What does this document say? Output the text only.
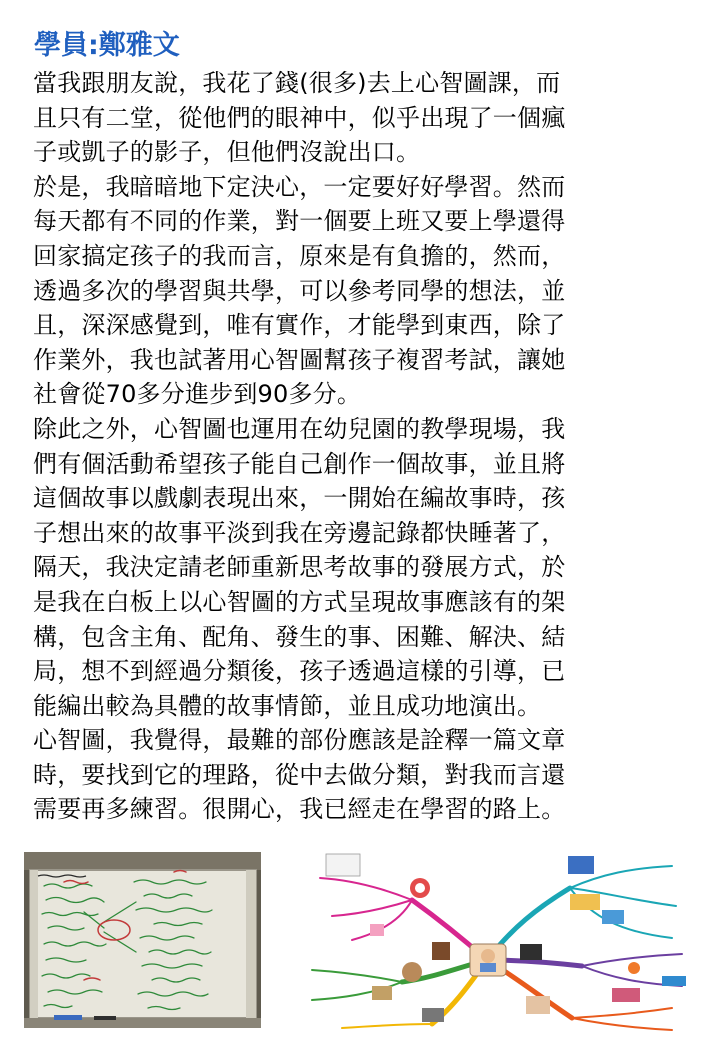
學員:鄭雅文
當我跟朋友說，我花了錢(很多)去上心智圖課，而
且只有二堂，從他們的眼神中，似乎出現了一個瘋
子或凱子的影子，但他們沒說出口。
於是，我暗暗地下定決心，一定要好好學習。然而
每天都有不同的作業，對一個要上班又要上學還得
回家搞定孩子的我而言，原來是有負擔的，然而，
透過多次的學習與共學，可以參考同學的想法，並
且，深深感覺到，唯有實作，才能學到東西，除了
作業外，我也試著用心智圖幫孩子複習考試，讓她
社會從70多分進步到90多分。
除此之外，心智圖也運用在幼兒園的教學現場，我
們有個活動希望孩子能自己創作一個故事，並且將
這個故事以戲劇表現出來，一開始在編故事時，孩
子想出來的故事平淡到我在旁邊記錄都快睡著了，
隔天，我決定請老師重新思考故事的發展方式，於
是我在白板上以心智圖的方式呈現故事應該有的架
構，包含主角、配角、發生的事、困難、解決、結
局，想不到經過分類後，孩子透過這樣的引導，已
能編出較為具體的故事情節，並且成功地演出。
心智圖，我覺得，最難的部份應該是詮釋一篇文章
時，要找到它的理路，從中去做分類，對我而言還
需要再多練習。很開心，我已經走在學習的路上。
